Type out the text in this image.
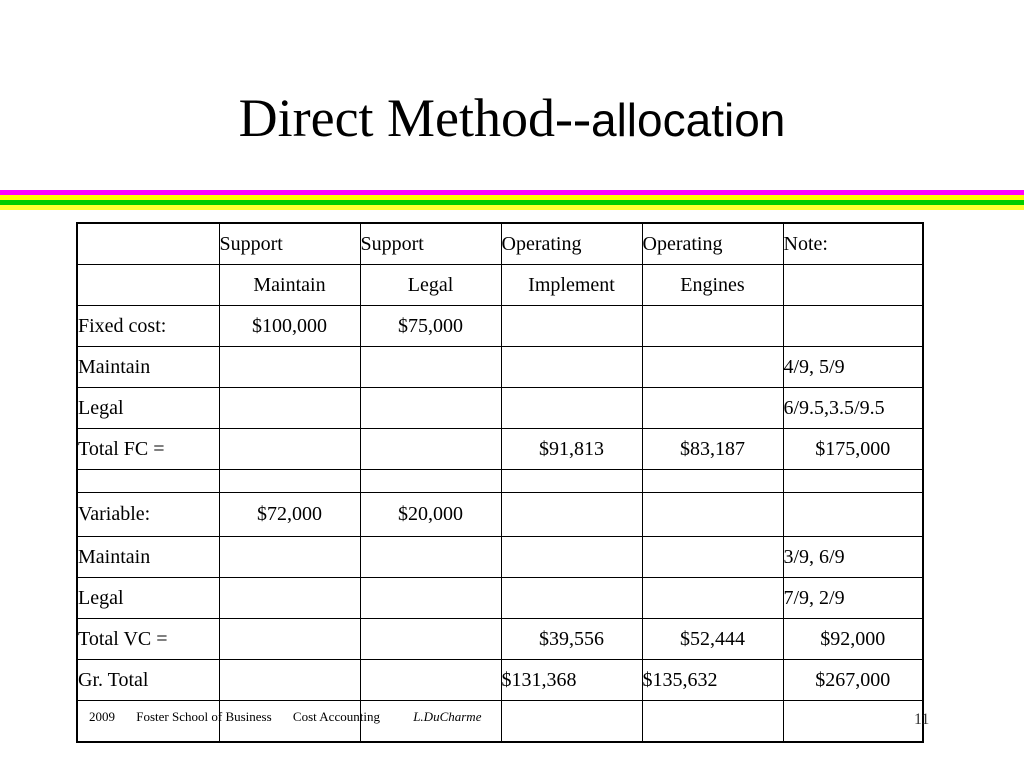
Direct Method--allocation
	Support	Support	Operating	Operating	Note:
	Maintain	Legal	Implement	Engines	
Fixed cost:	$100,000	$75,000			
Maintain					4/9, 5/9
Legal					6/9.5,3.5/9.5
Total FC =			$91,813	$83,187	$175,000

Variable:	$72,000	$20,000			
Maintain					3/9, 6/9
Legal					7/9, 2/9
Total VC =			$39,556	$52,444	$92,000
Gr. Total			$131,368	$135,632	$267,000

2009 Foster School of Business Cost Accounting L.DuCharme					
						11
